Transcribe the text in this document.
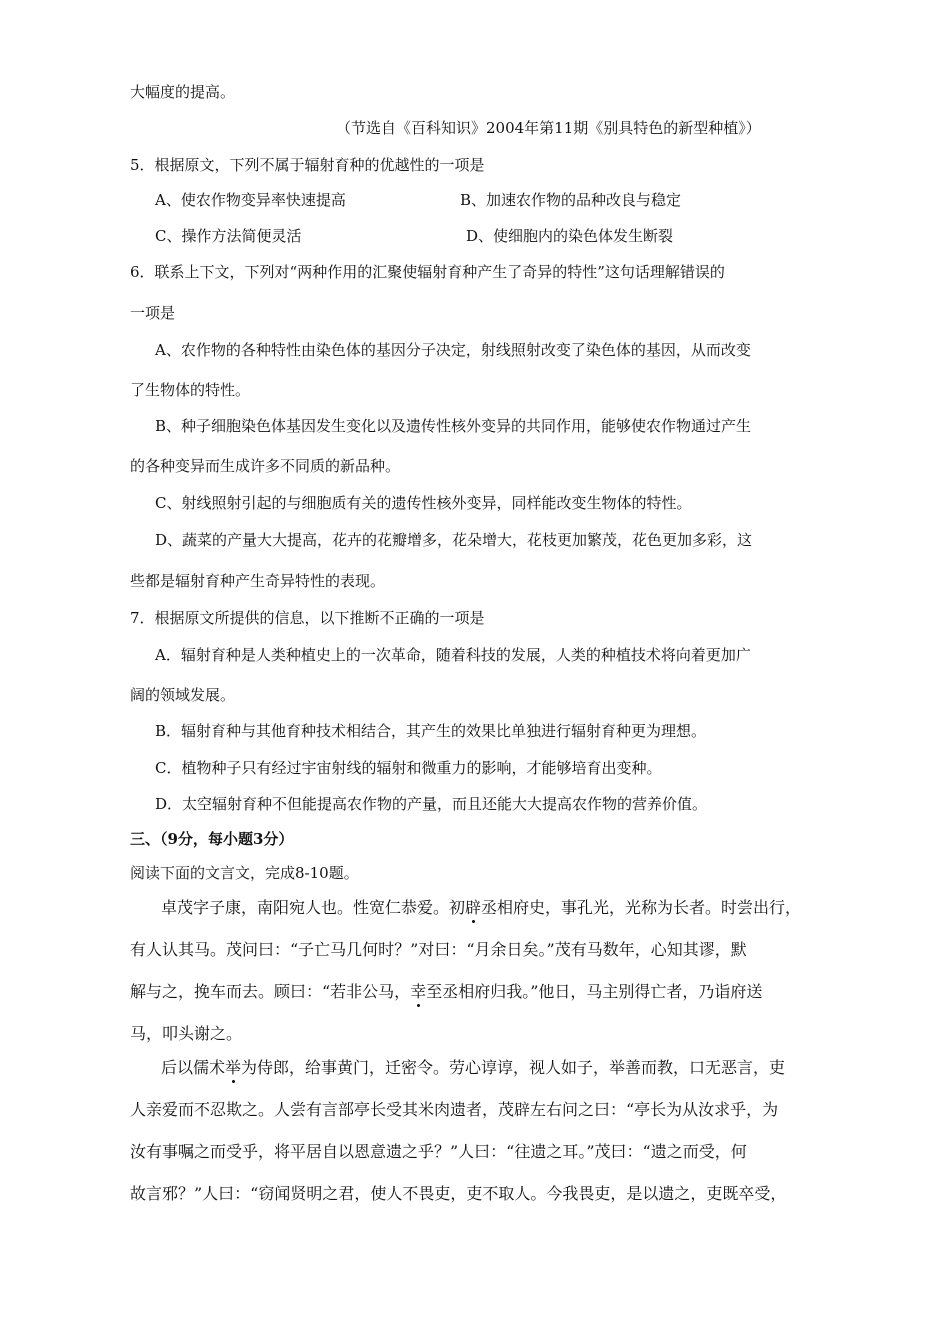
大幅度的提高。
（节选自《百科知识》2004年第11期《别具特色的新型种植》）
5．根据原文，下列不属于辐射育种的优越性的一项是
A、使农作物变异率快速提高	B、加速农作物的品种改良与稳定
C、操作方法简便灵活	D、使细胞内的染色体发生断裂
6．联系上下文，下列对“两种作用的汇聚使辐射育种产生了奇异的特性”这句话理解错误的
一项是
A、农作物的各种特性由染色体的基因分子决定，射线照射改变了染色体的基因，从而改变
了生物体的特性。
B、种子细胞染色体基因发生变化以及遗传性核外变异的共同作用，能够使农作物通过产生
的各种变异而生成许多不同质的新品种。
C、射线照射引起的与细胞质有关的遗传性核外变异，同样能改变生物体的特性。
D、蔬菜的产量大大提高，花卉的花瓣增多，花朵增大，花枝更加繁茂，花色更加多彩，这
些都是辐射育种产生奇异特性的表现。
7．根据原文所提供的信息，以下推断不正确的一项是
A．辐射育种是人类种植史上的一次革命，随着科技的发展，人类的种植技术将向着更加广
阔的领域发展。
B．辐射育种与其他育种技术相结合，其产生的效果比单独进行辐射育种更为理想。
C．植物种子只有经过宇宙射线的辐射和微重力的影响，才能够培育出变种。
D．太空辐射育种不但能提高农作物的产量，而且还能大大提高农作物的营养价值。
三、（9分，每小题3分）
阅读下面的文言文，完成8-10题。
卓茂字子康，南阳宛人也。性宽仁恭爱。初辟丞相府史，事孔光，光称为长者。时尝出行，
有人认其马。茂问曰：“子亡马几何时？”对曰：“月余日矣。”茂有马数年，心知其谬，默
解与之，挽车而去。顾曰：“若非公马，幸至丞相府归我。”他日，马主别得亡者，乃诣府送
马，叩头谢之。
后以儒术举为侍郎，给事黄门，迁密令。劳心谆谆，视人如子，举善而教，口无恶言，吏
人亲爱而不忍欺之。人尝有言部亭长受其米肉遗者，茂辟左右问之曰：“亭长为从汝求乎，为
汝有事嘱之而受乎，将平居自以恩意遗之乎？”人曰：“往遗之耳。”茂曰：“遗之而受，何
故言邪？”人曰：“窃闻贤明之君，使人不畏吏，吏不取人。今我畏吏，是以遗之，吏既卒受，
